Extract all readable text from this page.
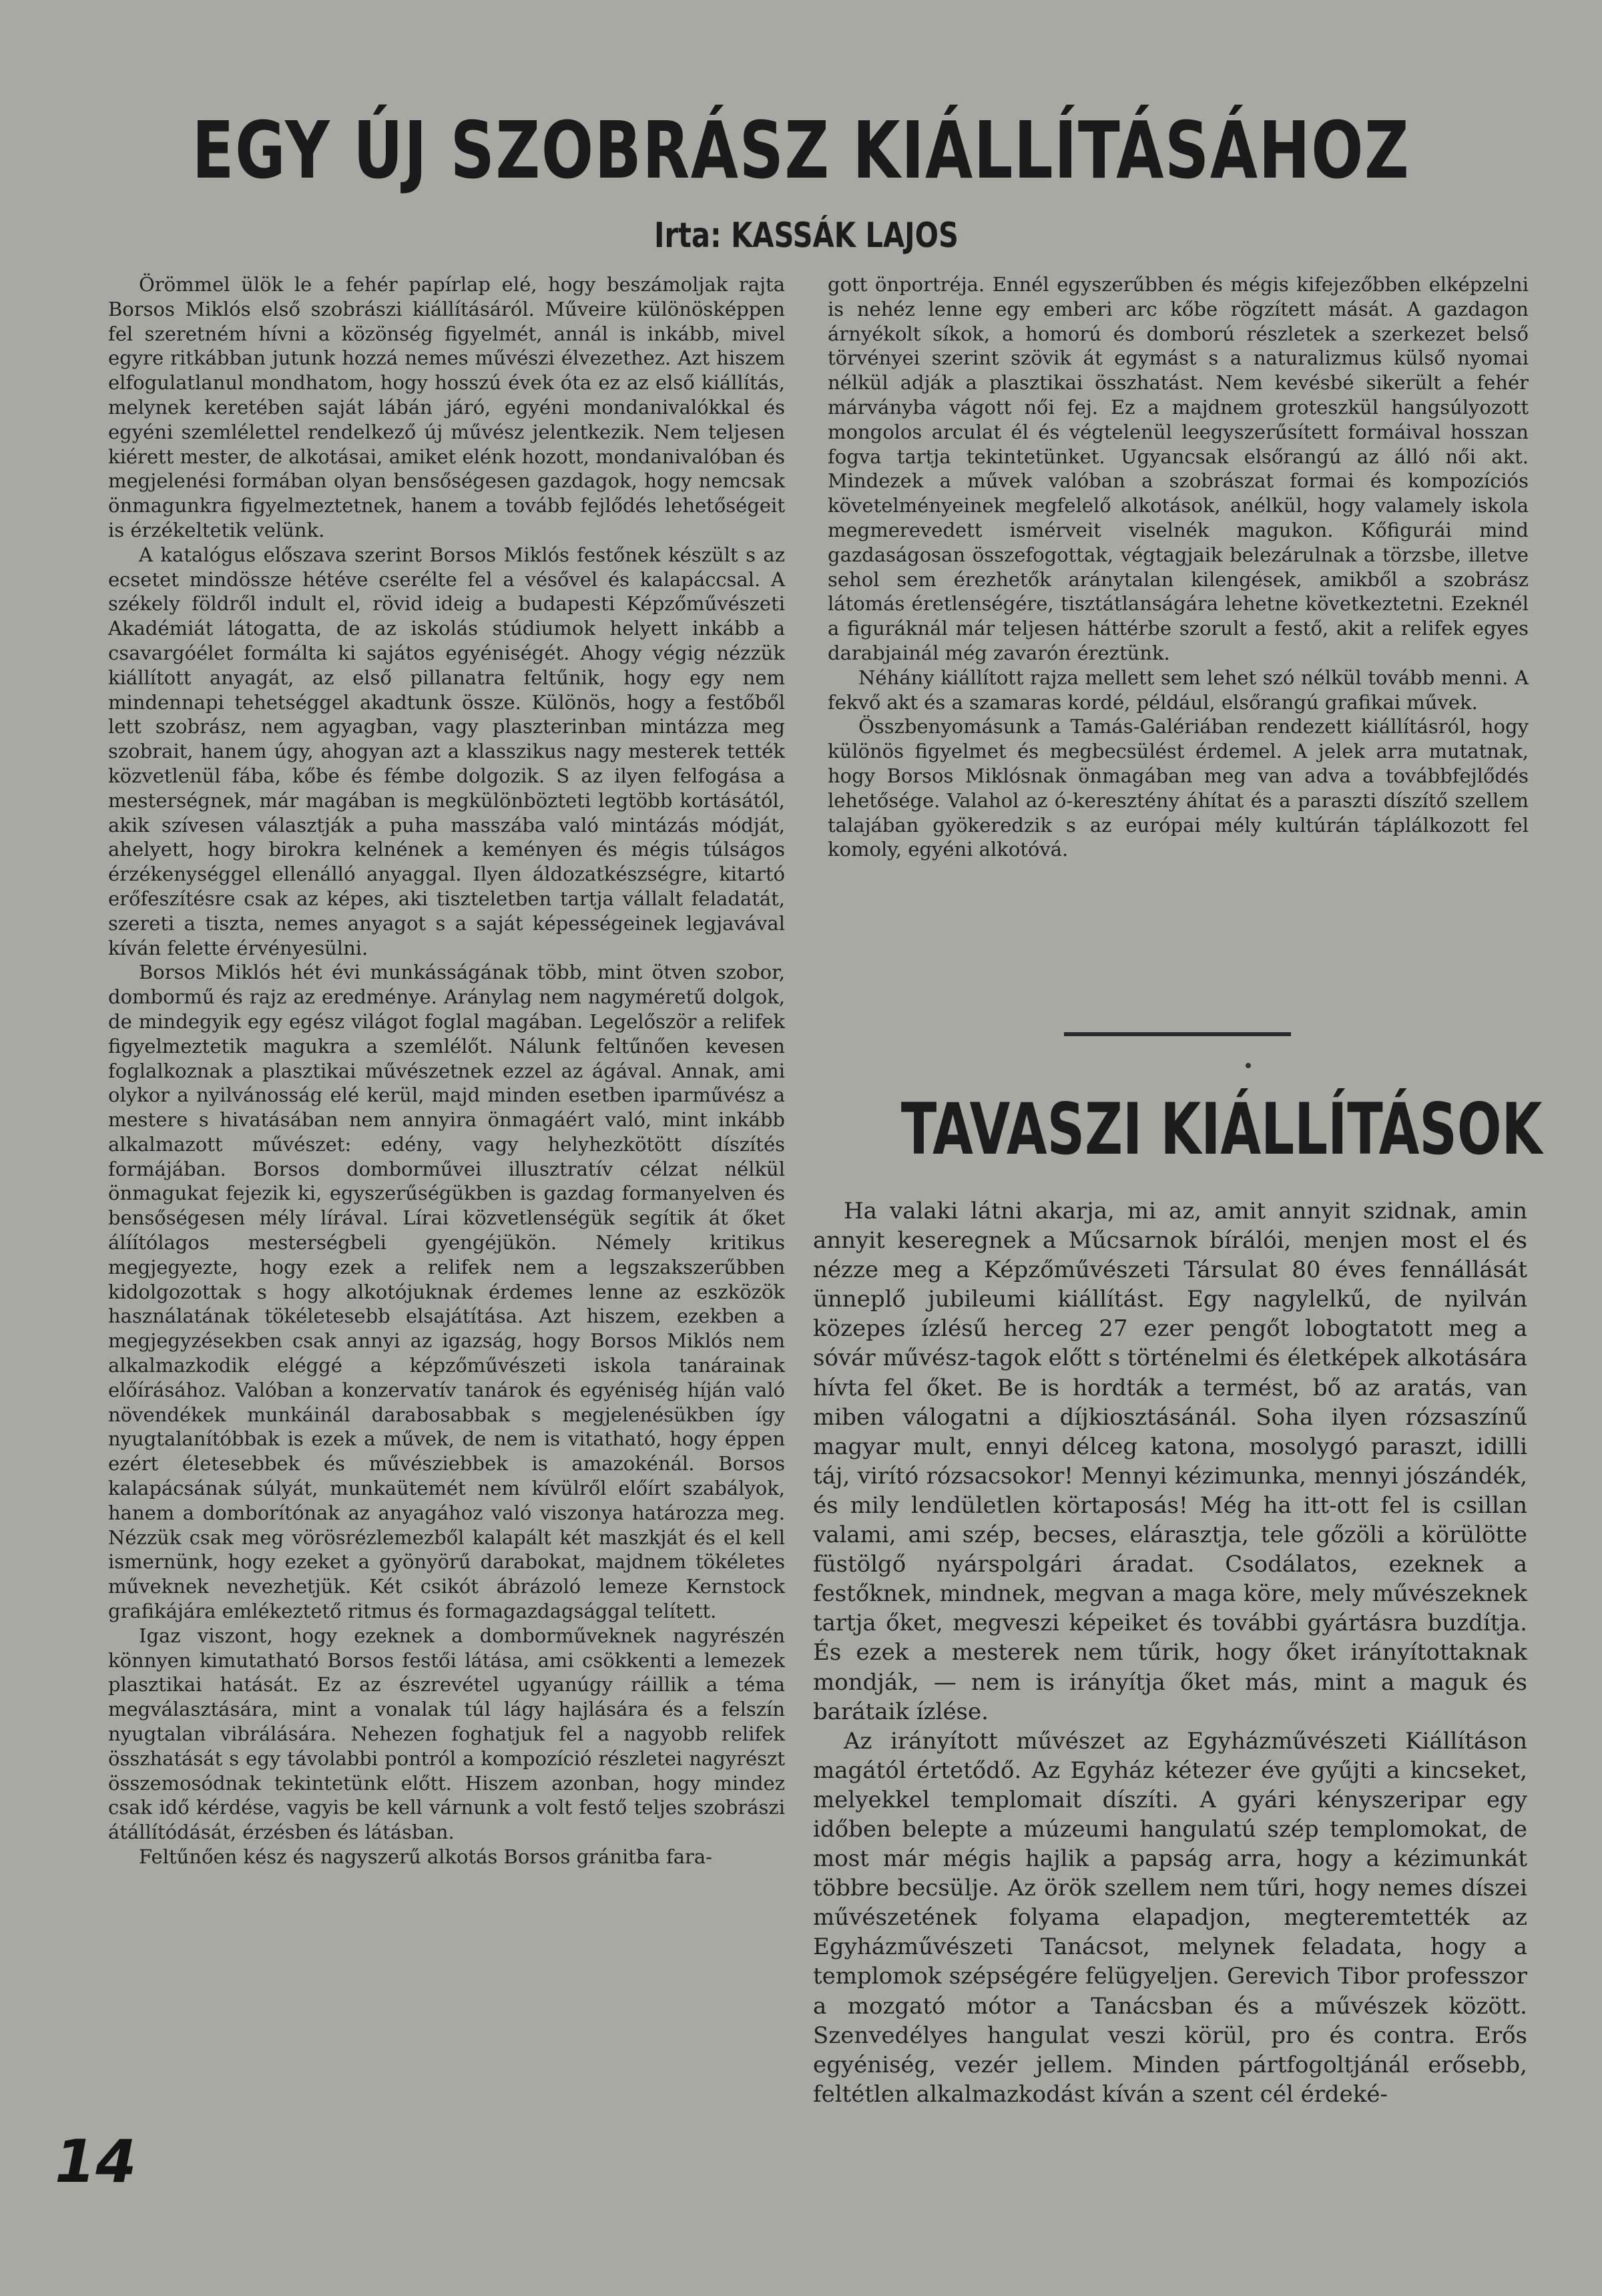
EGY ÚJ SZOBRÁSZ KIÁLLÍTÁSÁHOZ
Irta: KASSÁK LAJOS

Örömmel ülök le a fehér papírlap elé, hogy beszámoljak rajta Borsos Miklós első szobrászi kiállításáról. Műveire különösképpen fel szeretném hívni a közönség figyelmét, annál is inkább, mivel egyre ritkábban jutunk hozzá nemes művészi élvezethez. Azt hiszem elfogulatlanul mondhatom, hogy hosszú évek óta ez az első kiállítás, melynek keretében saját lábán járó, egyéni mondanivalókkal és egyéni szemlélettel rendelkező új művész jelentkezik. Nem teljesen kiérett mester, de alkotásai, amiket elénk hozott, mondanivalóban és megjelenési formában olyan bensőségesen gazdagok, hogy nemcsak önmagunkra figyelmeztetnek, hanem a tovább fejlődés lehetőségeit is érzékeltetik velünk.

A katalógus előszava szerint Borsos Miklós festőnek készült s az ecsetet mindössze hétéve cserélte fel a vésővel és kalapáccsal. A székely földről indult el, rövid ideig a budapesti Képzőművészeti Akadémiát látogatta, de az iskolás stúdiumok helyett inkább a csavargóélet formálta ki sajátos egyéniségét. Ahogy végig nézzük kiállított anyagát, az első pillanatra feltűnik, hogy egy nem mindennapi tehetséggel akadtunk össze. Különös, hogy a festőből lett szobrász, nem agyagban, vagy plaszterinban mintázza meg szobrait, hanem úgy, ahogyan azt a klasszikus nagy mesterek tették közvetlenül fába, kőbe és fémbe dolgozik. S az ilyen felfogása a mesterségnek, már magában is megkülönbözteti legtöbb kortásától, akik szívesen választják a puha masszába való mintázás módját, ahelyett, hogy birokra kelnének a keményen és mégis túlságos érzékenységgel ellenálló anyaggal. Ilyen áldozatkészségre, kitartó erőfeszítésre csak az képes, aki tiszteletben tartja vállalt feladatát, szereti a tiszta, nemes anyagot s a saját képességeinek legjavával kíván felette érvényesülni.

Borsos Miklós hét évi munkásságának több, mint ötven szobor, dombormű és rajz az eredménye. Aránylag nem nagyméretű dolgok, de mindegyik egy egész világot foglal magában. Legelőször a relifek figyelmeztetik magukra a szemlélőt. Nálunk feltűnően kevesen foglalkoznak a plasztikai művészetnek ezzel az ágával. Annak, ami olykor a nyilvánosság elé kerül, majd minden esetben iparművész a mestere s hivatásában nem annyira önmagáért való, mint inkább alkalmazott művészet: edény, vagy helyhezkötött díszítés formájában. Borsos domborművei illusztratív célzat nélkül önmagukat fejezik ki, egyszerűségükben is gazdag formanyelven és bensőségesen mély lírával. Lírai közvetlenségük segítik át őket álíítólagos mesterségbeli gyengéjükön. Némely kritikus megjegyezte, hogy ezek a relifek nem a legszakszerűbben kidolgozottak s hogy alkotójuknak érdemes lenne az eszközök használatának tökéletesebb elsajátítása. Azt hiszem, ezekben a megjegyzésekben csak annyi az igazság, hogy Borsos Miklós nem alkalmazkodik eléggé a képzőművészeti iskola tanárainak előírásához. Valóban a konzervatív tanárok és egyéniség híján való növendékek munkáinál darabosabbak s megjelenésükben így nyugtalanítóbbak is ezek a művek, de nem is vitatható, hogy éppen ezért életesebbek és művésziebbek is amazokénál. Borsos kalapácsának súlyát, munkaütemét nem kívülről előírt szabályok, hanem a domborítónak az anyagához való viszonya határozza meg. Nézzük csak meg vörösrézlemezből kalapált két maszkját és el kell ismernünk, hogy ezeket a gyönyörű darabokat, majdnem tökéletes műveknek nevezhetjük. Két csikót ábrázoló lemeze Kernstock grafikájára emlékeztető ritmus és formagazdagsággal telített.

Igaz viszont, hogy ezeknek a domborműveknek nagyrészén könnyen kimutatható Borsos festői látása, ami csökkenti a lemezek plasztikai hatását. Ez az észrevétel ugyanúgy ráillik a téma megválasztására, mint a vonalak túl lágy hajlására és a felszín nyugtalan vibrálására. Nehezen foghatjuk fel a nagyobb relifek összhatását s egy távolabbi pontról a kompozíció részletei nagyrészt összemosódnak tekintetünk előtt. Hiszem azonban, hogy mindez csak idő kérdése, vagyis be kell várnunk a volt festő teljes szobrászi átállítódását, érzésben és látásban.

Feltűnően kész és nagyszerű alkotás Borsos gránitba fara-

gott önportréja. Ennél egyszerűbben és mégis kifejezőbben elképzelni is nehéz lenne egy emberi arc kőbe rögzített mását. A gazdagon árnyékolt síkok, a homorú és domború részletek a szerkezet belső törvényei szerint szövik át egymást s a naturalizmus külső nyomai nélkül adják a plasztikai összhatást. Nem kevésbé sikerült a fehér márványba vágott női fej. Ez a majdnem groteszkül hangsúlyozott mongolos arculat él és végtelenül leegyszerűsített formáival hosszan fogva tartja tekintetünket. Ugyancsak elsőrangú az álló női akt. Mindezek a művek valóban a szobrászat formai és kompozíciós követelményeinek megfelelő alkotások, anélkül, hogy valamely iskola megmerevedett ismérveit viselnék magukon. Kőfigurái mind gazdaságosan összefogottak, végtagjaik belezárulnak a törzsbe, illetve sehol sem érezhetők aránytalan kilengések, amikből a szobrász látomás éretlenségére, tisztátlanságára lehetne következtetni. Ezeknél a figuráknál már teljesen háttérbe szorult a festő, akit a relifek egyes darabjainál még zavarón éreztünk.

Néhány kiállított rajza mellett sem lehet szó nélkül tovább menni. A fekvő akt és a szamaras kordé, például, elsőrangú grafikai művek.

Összbenyomásunk a Tamás-Galériában rendezett kiállításról, hogy különös figyelmet és megbecsülést érdemel. A jelek arra mutatnak, hogy Borsos Miklósnak önmagában meg van adva a továbbfejlődés lehetősége. Valahol az ó-keresztény áhítat és a paraszti díszítő szellem talajában gyökeredzik s az európai mély kultúrán táplálkozott fel komoly, egyéni alkotóvá.

TAVASZI KIÁLLÍTÁSOK

Ha valaki látni akarja, mi az, amit annyit szidnak, amin annyit keseregnek a Műcsarnok bírálói, menjen most el és nézze meg a Képzőművészeti Társulat 80 éves fennállását ünneplő jubileumi kiállítást. Egy nagylelkű, de nyilván közepes ízlésű herceg 27 ezer pengőt lobogtatott meg a sóvár művész-tagok előtt s történelmi és életképek alkotására hívta fel őket. Be is hordták a termést, bő az aratás, van miben válogatni a díjkiosztásánál. Soha ilyen rózsaszínű magyar mult, ennyi délceg katona, mosolygó paraszt, idilli táj, virító rózsacsokor! Mennyi kézimunka, mennyi jószándék, és mily lendületlen körtaposás! Még ha itt-ott fel is csillan valami, ami szép, becses, elárasztja, tele gőzöli a körülötte füstölgő nyárspolgári áradat. Csodálatos, ezeknek a festőknek, mindnek, megvan a maga köre, mely művészeknek tartja őket, megveszi képeiket és további gyártásra buzdítja. És ezek a mesterek nem tűrik, hogy őket irányítottaknak mondják, — nem is irányítja őket más, mint a maguk és barátaik ízlése.

Az irányított művészet az Egyházművészeti Kiállításon magától értetődő. Az Egyház kétezer éve gyűjti a kincseket, melyekkel templomait díszíti. A gyári kényszeripar egy időben belepte a múzeumi hangulatú szép templomokat, de most már mégis hajlik a papság arra, hogy a kézimunkát többre becsülje. Az örök szellem nem tűri, hogy nemes díszei művészetének folyama elapadjon, megteremtették az Egyházművészeti Tanácsot, melynek feladata, hogy a templomok szépségére felügyeljen. Gerevich Tibor professzor a mozgató mótor a Tanácsban és a művészek között. Szenvedélyes hangulat veszi körül, pro és contra. Erős egyéniség, vezér jellem. Minden pártfogoltjánál erősebb, feltétlen alkalmazkodást kíván a szent cél érdeké-

14
